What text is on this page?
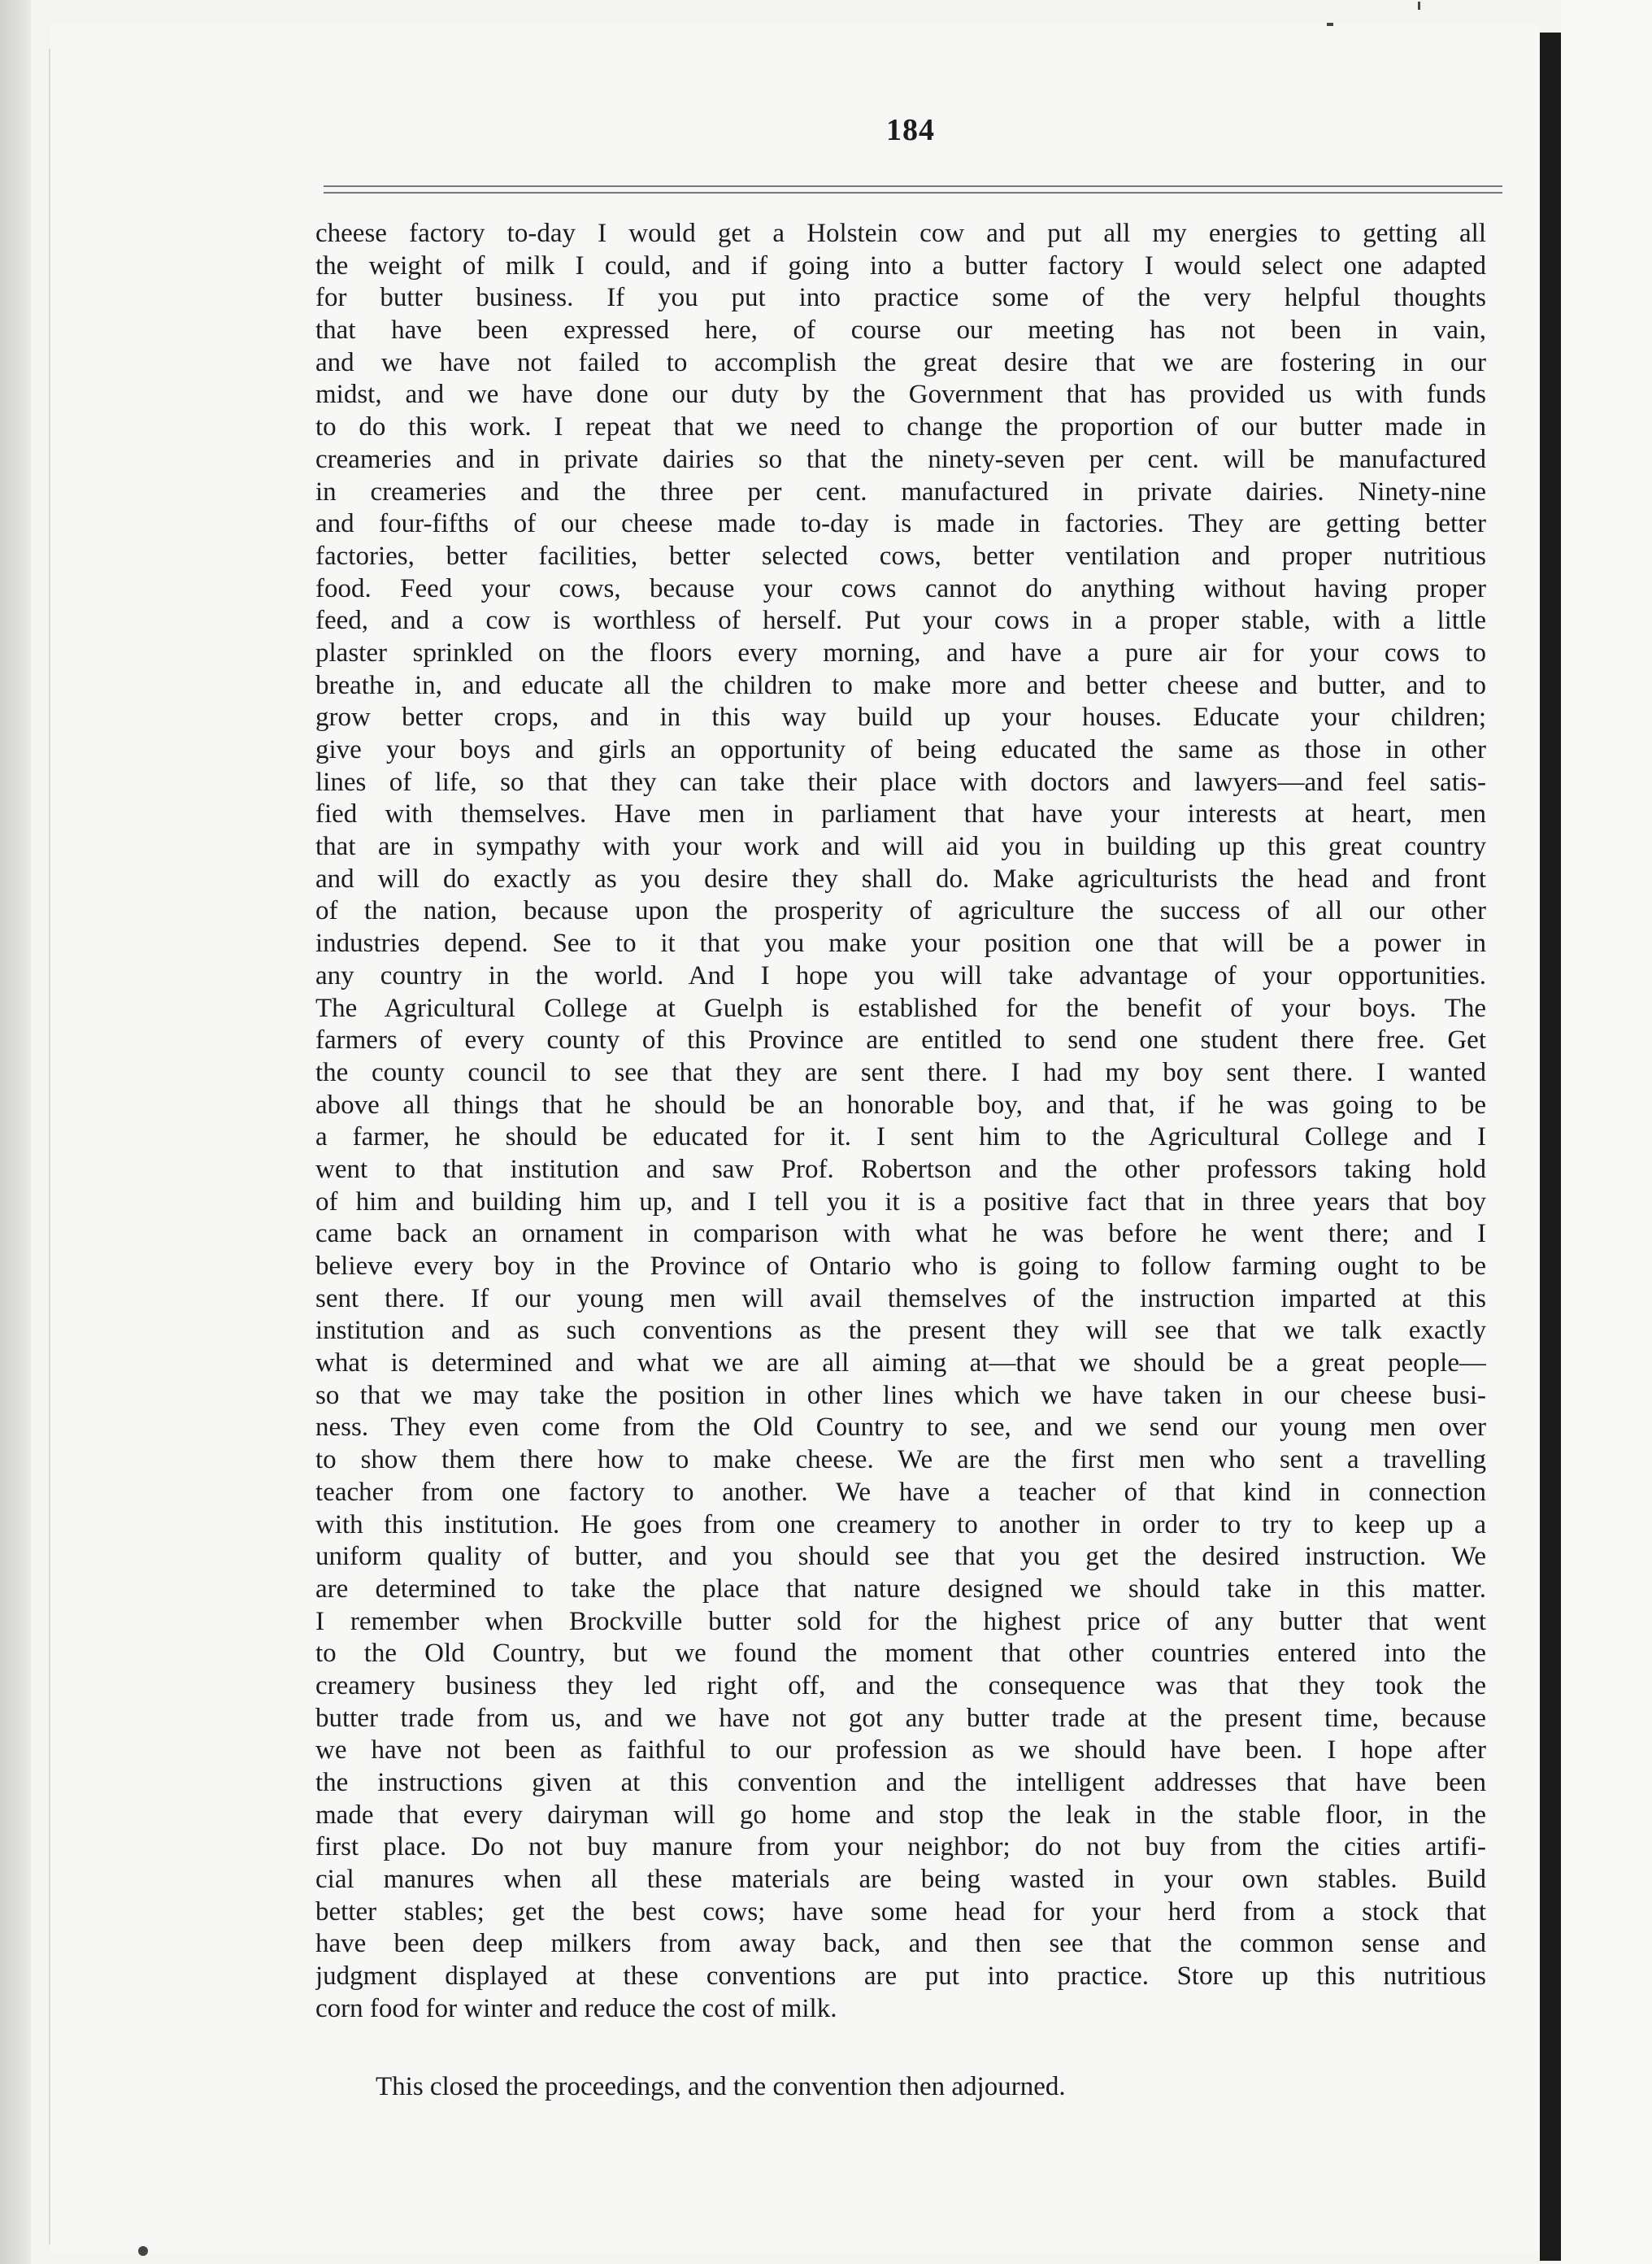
184
cheese factory to-day I would get a Holstein cow and put all my energies to getting all
the weight of milk I could, and if going into a butter factory I would select one adapted
for butter business. If you put into practice some of the very helpful thoughts
that have been expressed here, of course our meeting has not been in vain,
and we have not failed to accomplish the great desire that we are fostering in our
midst, and we have done our duty by the Government that has provided us with funds
to do this work. I repeat that we need to change the proportion of our butter made in
creameries and in private dairies so that the ninety-seven per cent. will be manufactured
in creameries and the three per cent. manufactured in private dairies. Ninety-nine
and four-fifths of our cheese made to-day is made in factories. They are getting better
factories, better facilities, better selected cows, better ventilation and proper nutritious
food. Feed your cows, because your cows cannot do anything without having proper
feed, and a cow is worthless of herself. Put your cows in a proper stable, with a little
plaster sprinkled on the floors every morning, and have a pure air for your cows to
breathe in, and educate all the children to make more and better cheese and butter, and to
grow better crops, and in this way build up your houses. Educate your children;
give your boys and girls an opportunity of being educated the same as those in other
lines of life, so that they can take their place with doctors and lawyers—and feel satis-
fied with themselves. Have men in parliament that have your interests at heart, men
that are in sympathy with your work and will aid you in building up this great country
and will do exactly as you desire they shall do. Make agriculturists the head and front
of the nation, because upon the prosperity of agriculture the success of all our other
industries depend. See to it that you make your position one that will be a power in
any country in the world. And I hope you will take advantage of your opportunities.
The Agricultural College at Guelph is established for the benefit of your boys. The
farmers of every county of this Province are entitled to send one student there free. Get
the county council to see that they are sent there. I had my boy sent there. I wanted
above all things that he should be an honorable boy, and that, if he was going to be
a farmer, he should be educated for it. I sent him to the Agricultural College and I
went to that institution and saw Prof. Robertson and the other professors taking hold
of him and building him up, and I tell you it is a positive fact that in three years that boy
came back an ornament in comparison with what he was before he went there; and I
believe every boy in the Province of Ontario who is going to follow farming ought to be
sent there. If our young men will avail themselves of the instruction imparted at this
institution and as such conventions as the present they will see that we talk exactly
what is determined and what we are all aiming at—that we should be a great people—
so that we may take the position in other lines which we have taken in our cheese busi-
ness. They even come from the Old Country to see, and we send our young men over
to show them there how to make cheese. We are the first men who sent a travelling
teacher from one factory to another. We have a teacher of that kind in connection
with this institution. He goes from one creamery to another in order to try to keep up a
uniform quality of butter, and you should see that you get the desired instruction. We
are determined to take the place that nature designed we should take in this matter.
I remember when Brockville butter sold for the highest price of any butter that went
to the Old Country, but we found the moment that other countries entered into the
creamery business they led right off, and the consequence was that they took the
butter trade from us, and we have not got any butter trade at the present time, because
we have not been as faithful to our profession as we should have been. I hope after
the instructions given at this convention and the intelligent addresses that have been
made that every dairyman will go home and stop the leak in the stable floor, in the
first place. Do not buy manure from your neighbor; do not buy from the cities artifi-
cial manures when all these materials are being wasted in your own stables. Build
better stables; get the best cows; have some head for your herd from a stock that
have been deep milkers from away back, and then see that the common sense and
judgment displayed at these conventions are put into practice. Store up this nutritious
corn food for winter and reduce the cost of milk.
This closed the proceedings, and the convention then adjourned.
